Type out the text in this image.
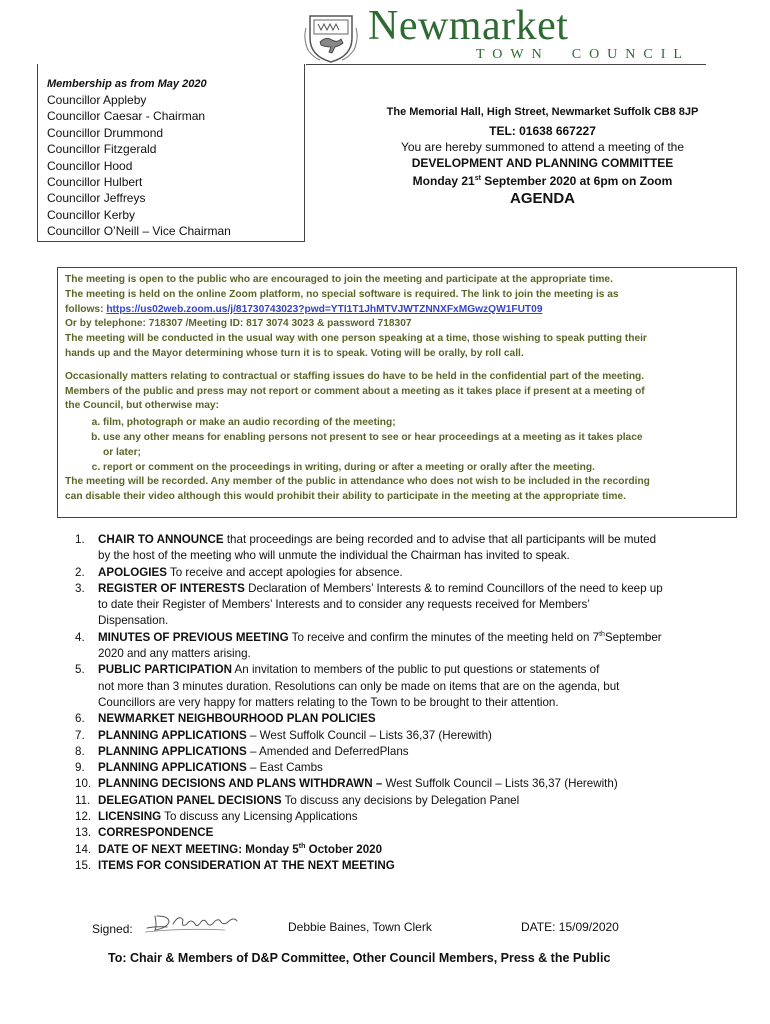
Newmarket
TOWN COUNCIL
Membership as from May 2020
Councillor Appleby
Councillor Caesar - Chairman
Councillor Drummond
Councillor Fitzgerald
Councillor Hood
Councillor Hulbert
Councillor Jeffreys
Councillor Kerby
Councillor O’Neill – Vice Chairman
The Memorial Hall, High Street, Newmarket Suffolk CB8 8JP
TEL: 01638 667227
You are hereby summoned to attend a meeting of the
DEVELOPMENT AND PLANNING COMMITTEE
Monday 21st September 2020 at 6pm on Zoom
AGENDA

The meeting is open to the public who are encouraged to join the meeting and participate at the appropriate time.

The meeting is held on the online Zoom platform, no special software is required. The link to join the meeting is as

follows: https://us02web.zoom.us/j/81730743023?pwd=YTI1T1JhMTVJWTZNNXFxMGwzQW1FUT09

Or by telephone: 718307 /Meeting ID: 817 3074 3023 & password 718307

The meeting will be conducted in the usual way with one person speaking at a time, those wishing to speak putting their

hands up and the Mayor determining whose turn it is to speak. Voting will be orally, by roll call.

Occasionally matters relating to contractual or staffing issues do have to be held in the confidential part of the meeting.

Members of the public and press may not report or comment about a meeting as it takes place if present at a meeting of

the Council, but otherwise may:

a. film, photograph or make an audio recording of the meeting;
b. use any other means for enabling persons not present to see or hear proceedings at a meeting as it takes place
or later;
c. report or comment on the proceedings in writing, during or after a meeting or orally after the meeting.

The meeting will be recorded. Any member of the public in attendance who does not wish to be included in the recording

can disable their video although this would prohibit their ability to participate in the meeting at the appropriate time.

1.	CHAIR TO ANNOUNCE that proceedings are being recorded and to advise that all participants will be muted
by the host of the meeting who will unmute the individual the Chairman has invited to speak.
2.	APOLOGIES To receive and accept apologies for absence.
3.	REGISTER OF INTERESTS Declaration of Members’ Interests & to remind Councillors of the need to keep up
to date their Register of Members’ Interests and to consider any requests received for Members’
Dispensation.
4.	MINUTES OF PREVIOUS MEETING To receive and confirm the minutes of the meeting held on 7thSeptember
2020 and any matters arising.
5.	PUBLIC PARTICIPATION An invitation to members of the public to put questions or statements of
not more than 3 minutes duration. Resolutions can only be made on items that are on the agenda, but
Councillors are very happy for matters relating to the Town to be brought to their attention.
6.	NEWMARKET NEIGHBOURHOOD PLAN POLICIES
7.	PLANNING APPLICATIONS – West Suffolk Council – Lists 36,37 (Herewith)
8.	PLANNING APPLICATIONS – Amended and DeferredPlans
9.	PLANNING APPLICATIONS – East Cambs
10. PLANNING DECISIONS AND PLANS WITHDRAWN – West Suffolk Council – Lists 36,37 (Herewith)
11. DELEGATION PANEL DECISIONS To discuss any decisions by Delegation Panel
12. LICENSING To discuss any Licensing Applications
13. CORRESPONDENCE
14. DATE OF NEXT MEETING: Monday 5th October 2020
15. ITEMS FOR CONSIDERATION AT THE NEXT MEETING
Signed:	Debbie Baines, Town Clerk	DATE: 15/09/2020
To: Chair & Members of D&P Committee, Other Council Members, Press & the Public
